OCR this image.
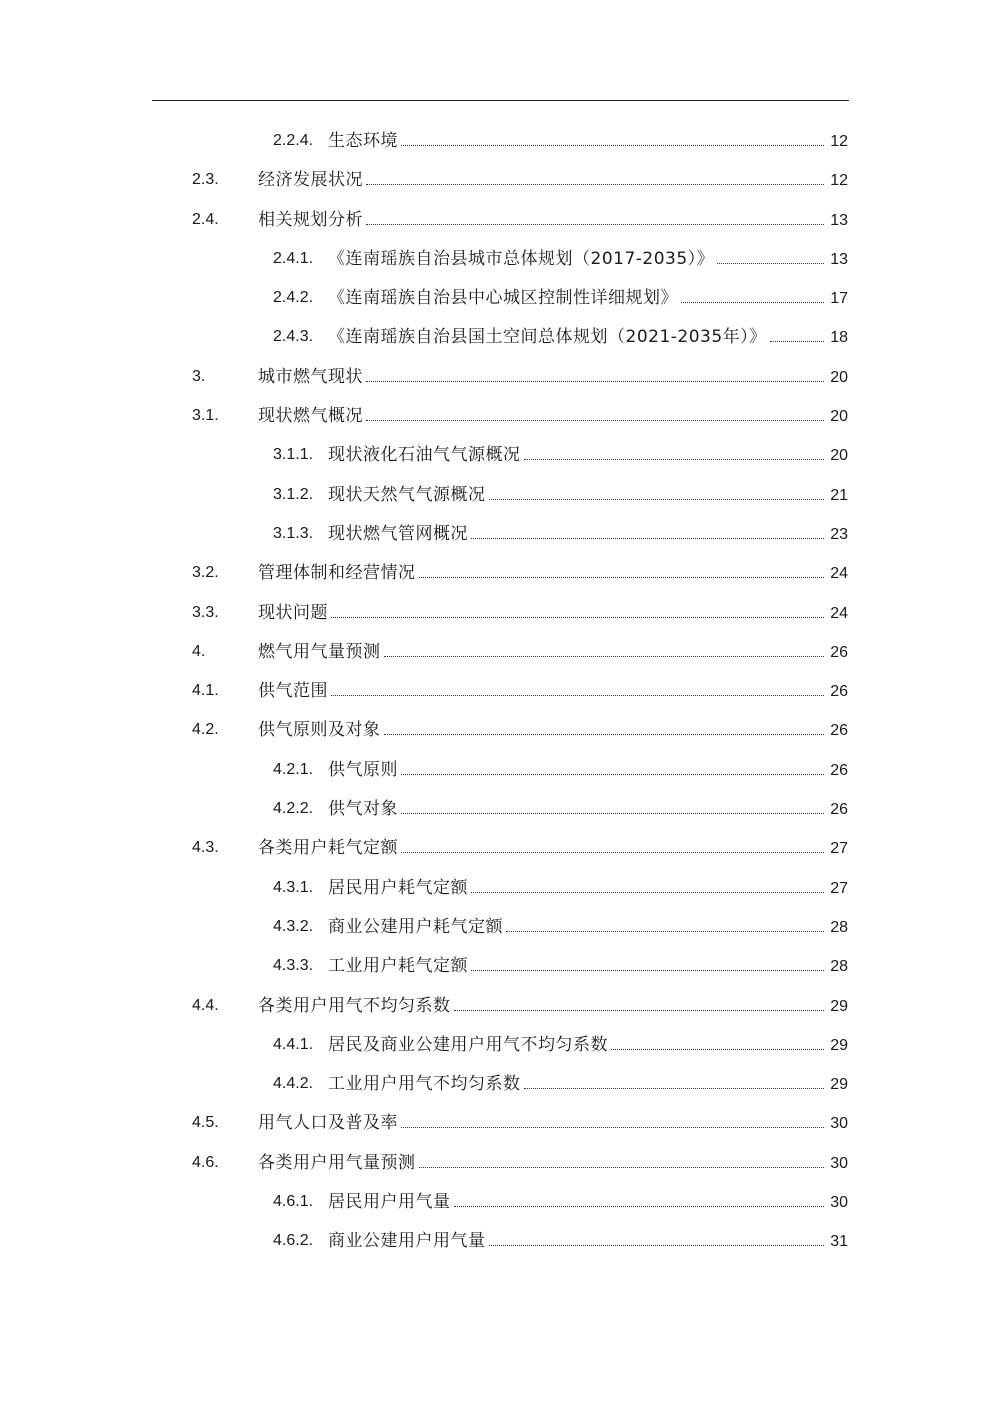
2.2.4. 生态环境	12
2.3. 经济发展状况	12
2.4. 相关规划分析	13
2.4.1. 《连南瑶族自治县城市总体规划（2017-2035）》	13
2.4.2. 《连南瑶族自治县中心城区控制性详细规划》	17
2.4.3. 《连南瑶族自治县国土空间总体规划（2021-2035年）》	18
3.	城市燃气现状	20
3.1. 现状燃气概况	20
3.1.1. 现状液化石油气气源概况	20
3.1.2. 现状天然气气源概况	21
3.1.3. 现状燃气管网概况	23
3.2. 管理体制和经营情况	24
3.3. 现状问题	24
4.	燃气用气量预测	26
4.1. 供气范围	26
4.2. 供气原则及对象	26
4.2.1. 供气原则	26
4.2.2. 供气对象	26
4.3. 各类用户耗气定额	27
4.3.1. 居民用户耗气定额	27
4.3.2. 商业公建用户耗气定额	28
4.3.3. 工业用户耗气定额	28
4.4. 各类用户用气不均匀系数	29
4.4.1. 居民及商业公建用户用气不均匀系数	29
4.4.2. 工业用户用气不均匀系数	29
4.5. 用气人口及普及率	30
4.6. 各类用户用气量预测	30
4.6.1. 居民用户用气量	30
4.6.2. 商业公建用户用气量	31
